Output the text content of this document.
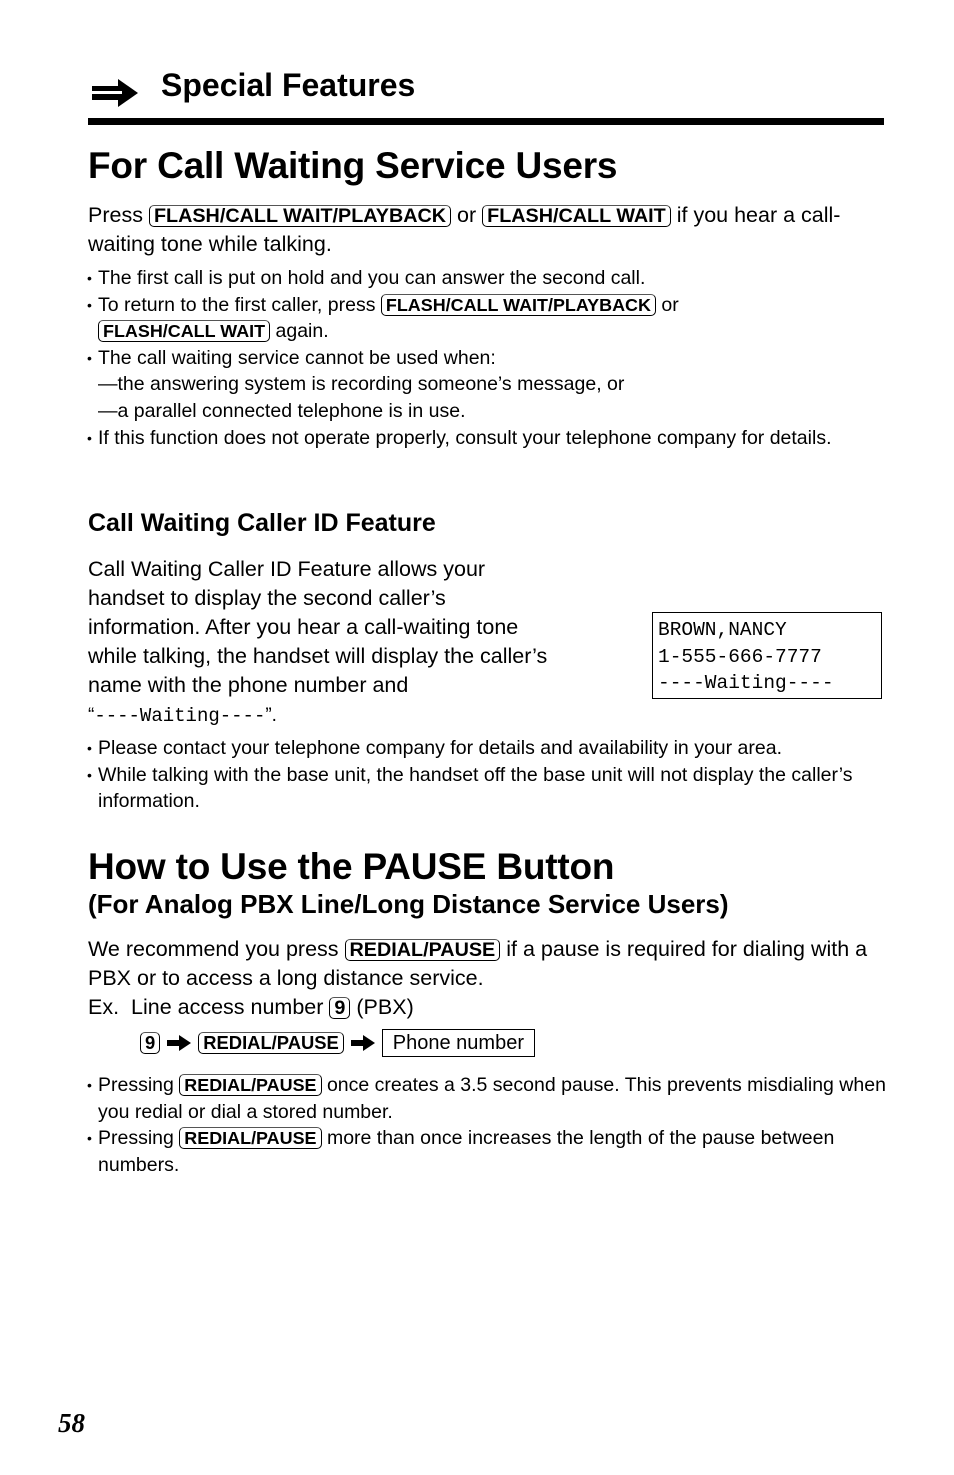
Special Features
For Call Waiting Service Users

Press FLASH/CALL WAIT/PLAYBACK or FLASH/CALL WAIT if you hear a call-waiting tone while talking.

• The first call is put on hold and you can answer the second call.
• To return to the first caller, press FLASH/CALL WAIT/PLAYBACK or
FLASH/CALL WAIT again.
• The call waiting service cannot be used when:
—the answering system is recording someone’s message, or
—a parallel connected telephone is in use.
• If this function does not operate properly, consult your telephone company for details.
Call Waiting Caller ID Feature

Call Waiting Caller ID Feature allows your
handset to display the second caller’s
information. After you hear a call-waiting tone
while talking, the handset will display the caller’s
name with the phone number and
“----Waiting----”.

BROWN,NANCY
1-555-666-7777
----Waiting----
• Please contact your telephone company for details and availability in your area.
• While talking with the base unit, the handset off the base unit will not display the caller’s information.
How to Use the PAUSE Button
(For Analog PBX Line/Long Distance Service Users)

We recommend you press REDIAL/PAUSE if a pause is required for dialing with a PBX or to access a long distance service.
Ex.  Line access number 9 (PBX)

9	REDIAL/PAUSE	Phone number
• Pressing REDIAL/PAUSE once creates a 3.5 second pause. This prevents misdialing when you redial or dial a stored number.
• Pressing REDIAL/PAUSE more than once increases the length of the pause between numbers.
58
